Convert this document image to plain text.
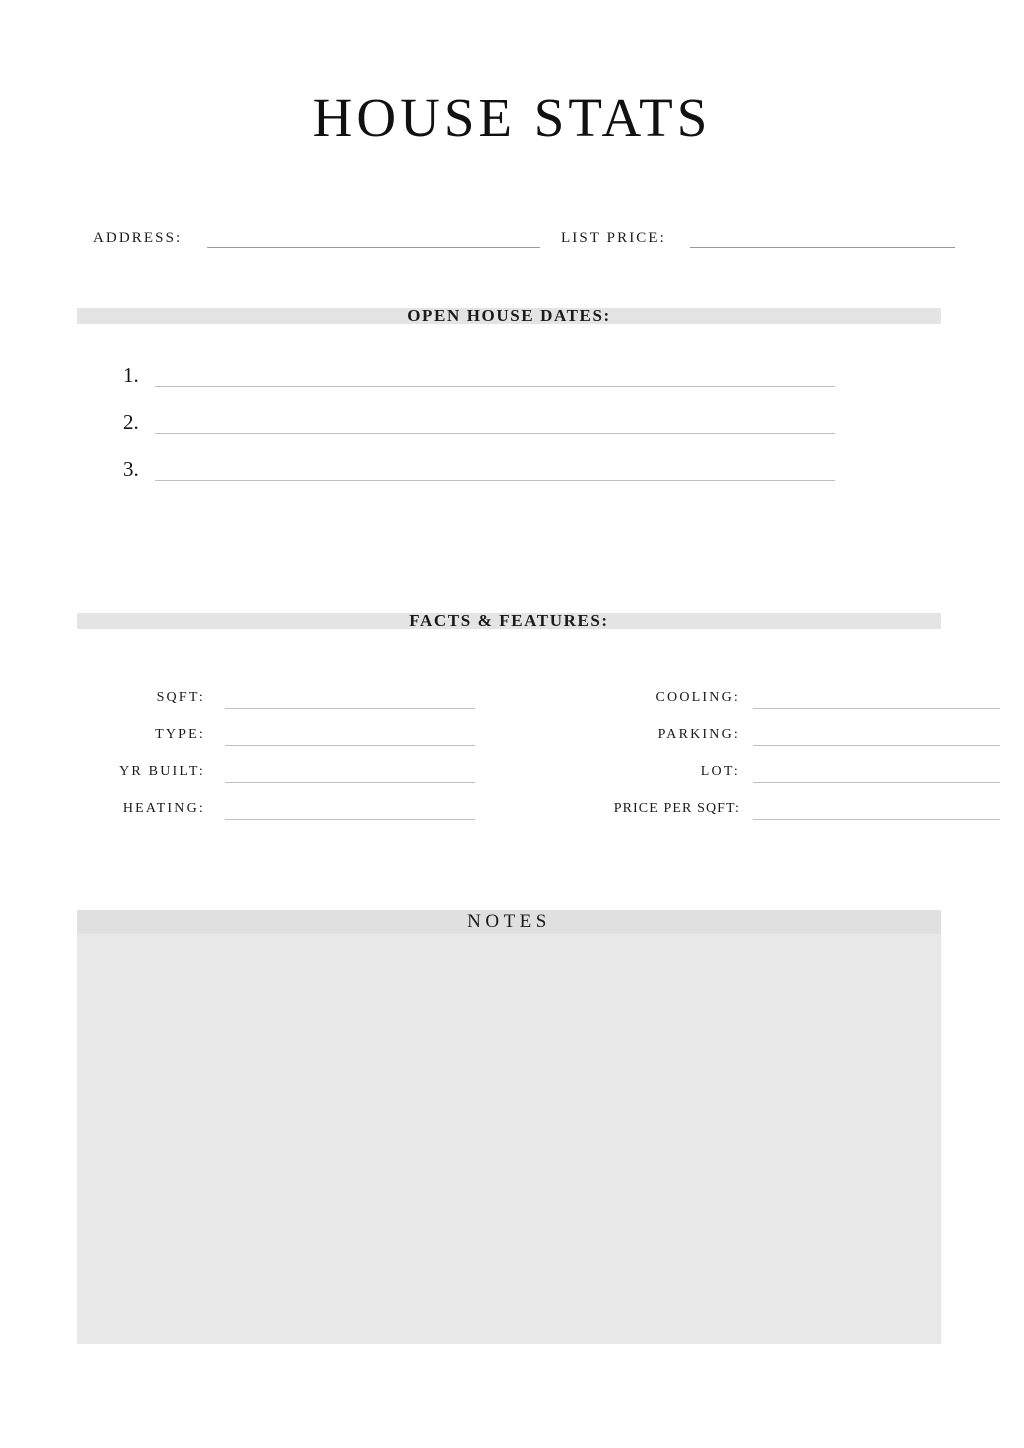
HOUSE STATS
ADDRESS:	LIST PRICE:
OPEN HOUSE DATES:
1.
2.
3.
FACTS & FEATURES:
SQFT:
TYPE:
YR BUILT:
HEATING:
COOLING:
PARKING:
LOT:
PRICE PER SQFT:
NOTES
